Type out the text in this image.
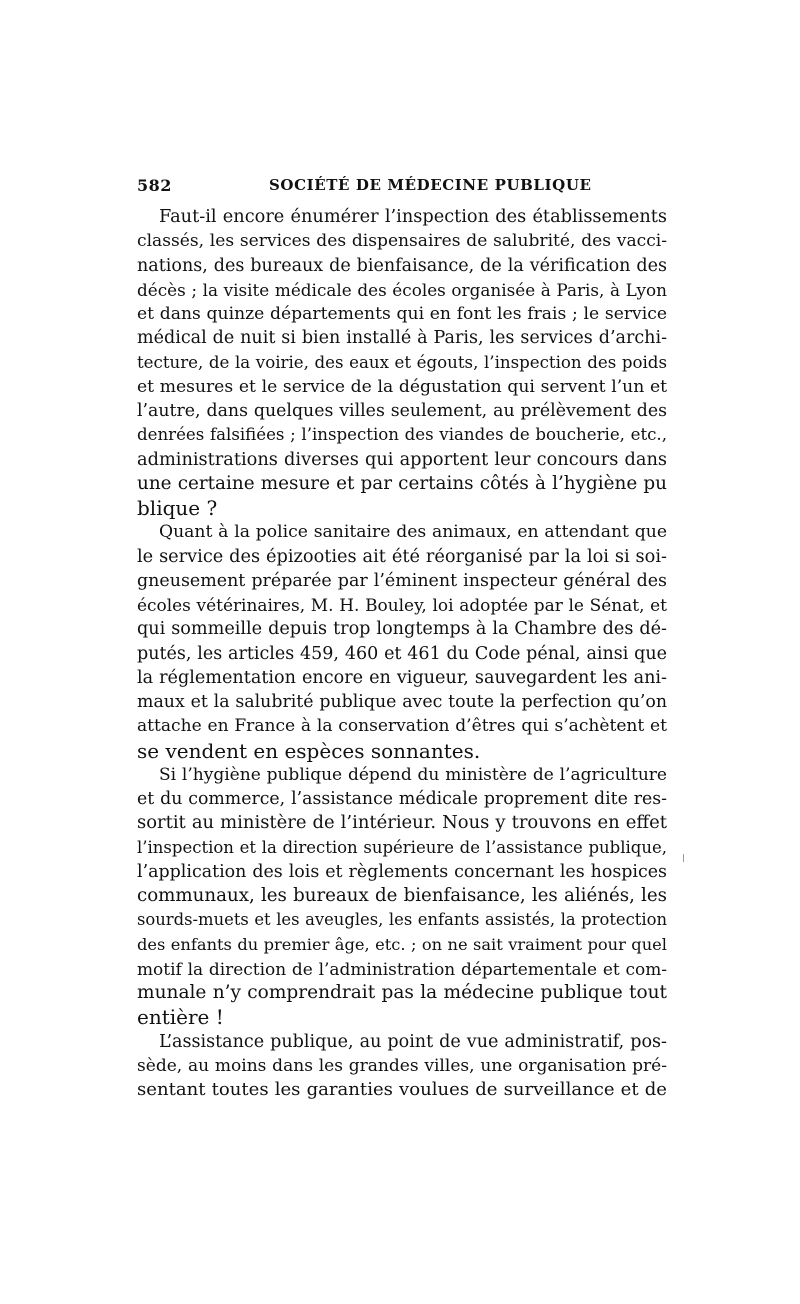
582	SOCIÉTÉ DE MÉDECINE PUBLIQUE
Faut-il encore énumérer l’inspection des établissements
classés, les services des dispensaires de salubrité, des vacci-
nations, des bureaux de bienfaisance, de la vérification des
décès ; la visite médicale des écoles organisée à Paris, à Lyon
et dans quinze départements qui en font les frais ; le service
médical de nuit si bien installé à Paris, les services d’archi-
tecture, de la voirie, des eaux et égouts, l’inspection des poids
et mesures et le service de la dégustation qui servent l’un et
l’autre, dans quelques villes seulement, au prélèvement des
denrées falsifiées ; l’inspection des viandes de boucherie, etc.,
administrations diverses qui apportent leur concours dans
une certaine mesure et par certains côtés à l’hygiène pu
blique ?
Quant à la police sanitaire des animaux, en attendant que
le service des épizooties ait été réorganisé par la loi si soi-
gneusement préparée par l’éminent inspecteur général des
écoles vétérinaires, M. H. Bouley, loi adoptée par le Sénat, et
qui sommeille depuis trop longtemps à la Chambre des dé-
putés, les articles 459, 460 et 461 du Code pénal, ainsi que
la réglementation encore en vigueur, sauvegardent les ani-
maux et la salubrité publique avec toute la perfection qu’on
attache en France à la conservation d’êtres qui s’achètent et
se vendent en espèces sonnantes.
Si l’hygiène publique dépend du ministère de l’agriculture
et du commerce, l’assistance médicale proprement dite res-
sortit au ministère de l’intérieur. Nous y trouvons en effet
l’inspection et la direction supérieure de l’assistance publique,
l’application des lois et règlements concernant les hospices
communaux, les bureaux de bienfaisance, les aliénés, les
sourds-muets et les aveugles, les enfants assistés, la protection
des enfants du premier âge, etc. ; on ne sait vraiment pour quel
motif la direction de l’administration départementale et com-
munale n’y comprendrait pas la médecine publique tout
entière !
L’assistance publique, au point de vue administratif, pos-
sède, au moins dans les grandes villes, une organisation pré-
sentant toutes les garanties voulues de surveillance et de
